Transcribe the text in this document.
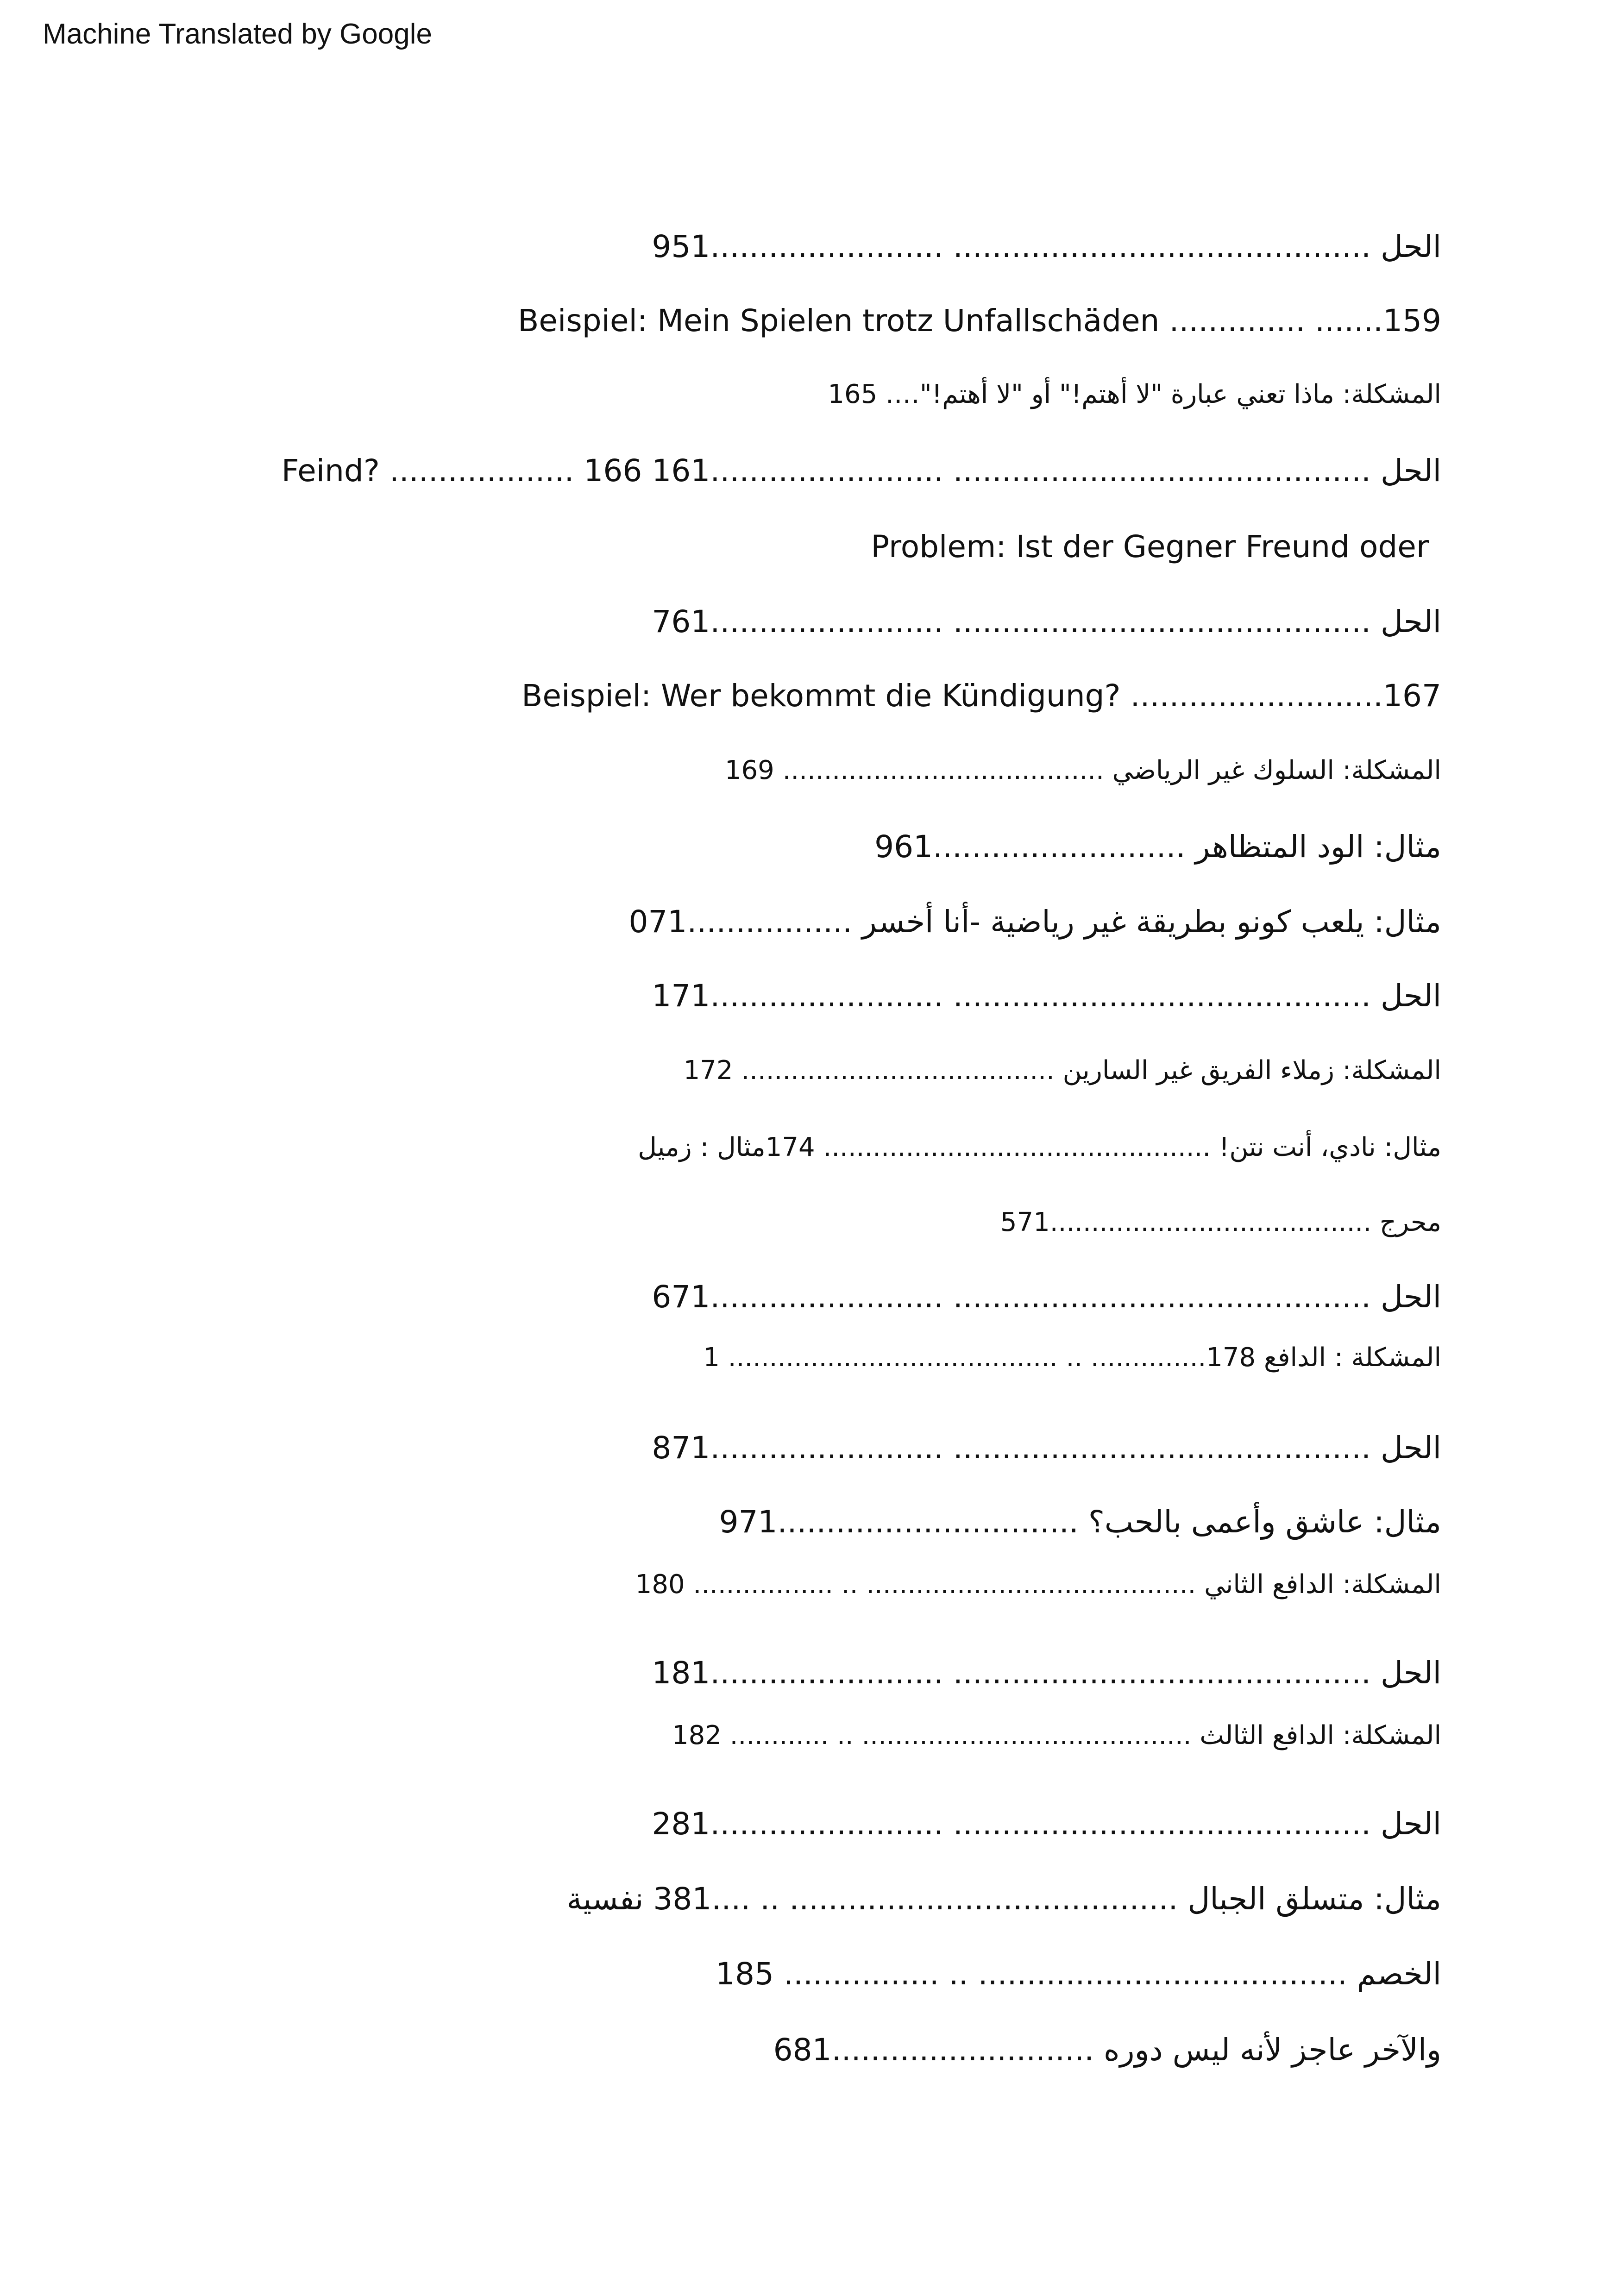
Machine Translated by Google
الحل ........................................... ........................951
Beispiel: Mein Spielen trotz Unfallschäden .............. .......159
المشكلة: ماذا تعني عبارة "لا أهتم!" أو "لا أهتم!"…. 165
الحل ........................................... ........................161 166 ................... ?Feind
Problem: Ist der Gegner Freund oder
الحل ........................................... ........................761
Beispiel: Wer bekommt die Kündigung? ..........................167
المشكلة: السلوك غير الرياضي ....................................... 169
مثال: الود المتظاهر ..........................961
مثال: يلعب كونو بطريقة غير رياضية -أنا أخسر .................071
الحل ........................................... ........................171
المشكلة: زملاء الفريق غير السارين ...................................... 172
مثال: نادي، أنت نتن! ............................................... 174مثال : زميل
محرج .......................................571
الحل ........................................... ........................671
المشكلة : الدافع 178.............. .. ........................................ 1
الحل ........................................... ........................871
مثال: عاشق وأعمى بالحب؟ ...............................971
المشكلة: الدافع الثاني ........................................ .. ................. 180
الحل ........................................... ........................181
المشكلة: الدافع الثالث ........................................ .. ............ 182
الحل ........................................... ........................281
مثال: متسلق الجبال ........................................ .. ....381 نفسية
الخصم ...................................... .. ................ 185
والآخر عاجز لأنه ليس دوره ...........................681
